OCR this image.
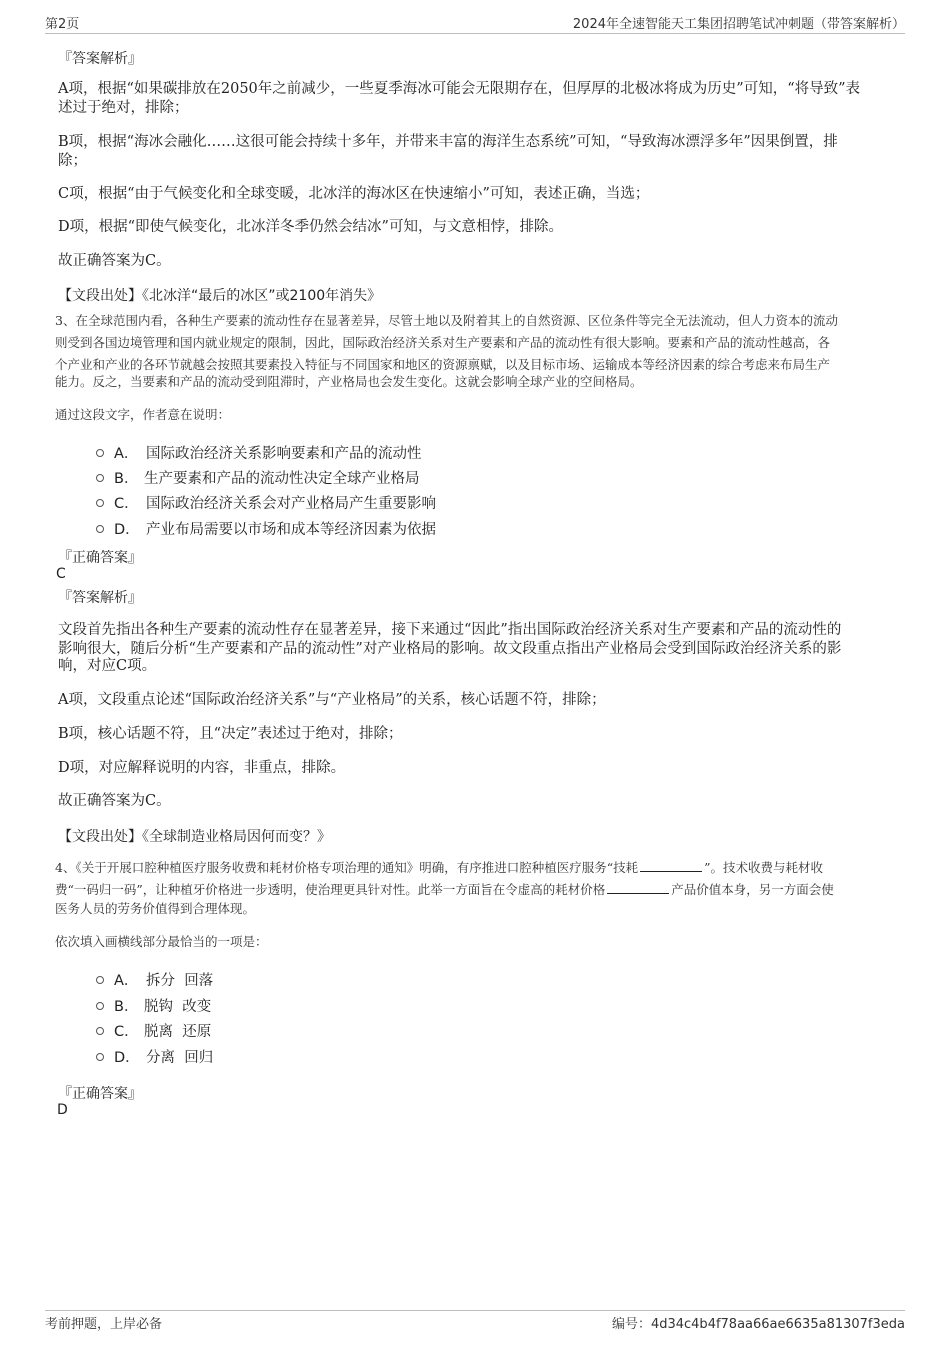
第2页	2024年全速智能天工集团招聘笔试冲刺题（带答案解析）
『答案解析』
A项，根据“如果碳排放在2050年之前减少，一些夏季海冰可能会无限期存在，但厚厚的北极冰将成为历史”可知，“将导致”表
述过于绝对，排除；
B项，根据“海冰会融化……这很可能会持续十多年，并带来丰富的海洋生态系统”可知，“导致海冰漂浮多年”因果倒置，排
除；
C项，根据“由于气候变化和全球变暖，北冰洋的海冰区在快速缩小”可知，表述正确，当选；
D项，根据“即使气候变化，北冰洋冬季仍然会结冰”可知，与文意相悖，排除。
故正确答案为C。
【文段出处】《北冰洋“最后的冰区”或2100年消失》
3、在全球范围内看，各种生产要素的流动性存在显著差异，尽管土地以及附着其上的自然资源、区位条件等完全无法流动，但人力资本的流动
则受到各国边境管理和国内就业规定的限制，因此，国际政治经济关系对生产要素和产品的流动性有很大影响。要素和产品的流动性越高，各
个产业和产业的各环节就越会按照其要素投入特征与不同国家和地区的资源禀赋，以及目标市场、运输成本等经济因素的综合考虑来布局生产
能力。反之，当要素和产品的流动受到阻滞时，产业格局也会发生变化。这就会影响全球产业的空间格局。
通过这段文字，作者意在说明：
A． 国际政治经济关系影响要素和产品的流动性
B． 生产要素和产品的流动性决定全球产业格局
C． 国际政治经济关系会对产业格局产生重要影响
D． 产业布局需要以市场和成本等经济因素为依据
『正确答案』
C
『答案解析』
文段首先指出各种生产要素的流动性存在显著差异，接下来通过“因此”指出国际政治经济关系对生产要素和产品的流动性的
影响很大，随后分析“生产要素和产品的流动性”对产业格局的影响。故文段重点指出产业格局会受到国际政治经济关系的影
响，对应C项。
A项，文段重点论述“国际政治经济关系”与“产业格局”的关系，核心话题不符，排除；
B项，核心话题不符，且“决定”表述过于绝对，排除；
D项，对应解释说明的内容，非重点，排除。
故正确答案为C。
【文段出处】《全球制造业格局因何而变？》
4、《关于开展口腔种植医疗服务收费和耗材价格专项治理的通知》明确，有序推进口腔种植医疗服务“技耗	”。技术收费与耗材收
费“一码归一码”，让种植牙价格进一步透明，使治理更具针对性。此举一方面旨在令虚高的耗材价格	产品价值本身，另一方面会使
医务人员的劳务价值得到合理体现。
依次填入画横线部分最恰当的一项是：
A． 拆分  回落
B． 脱钩  改变
C． 脱离  还原
D． 分离  回归
『正确答案』
D
考前押题，上岸必备	编号：4d34c4b4f78aa66ae6635a81307f3eda
